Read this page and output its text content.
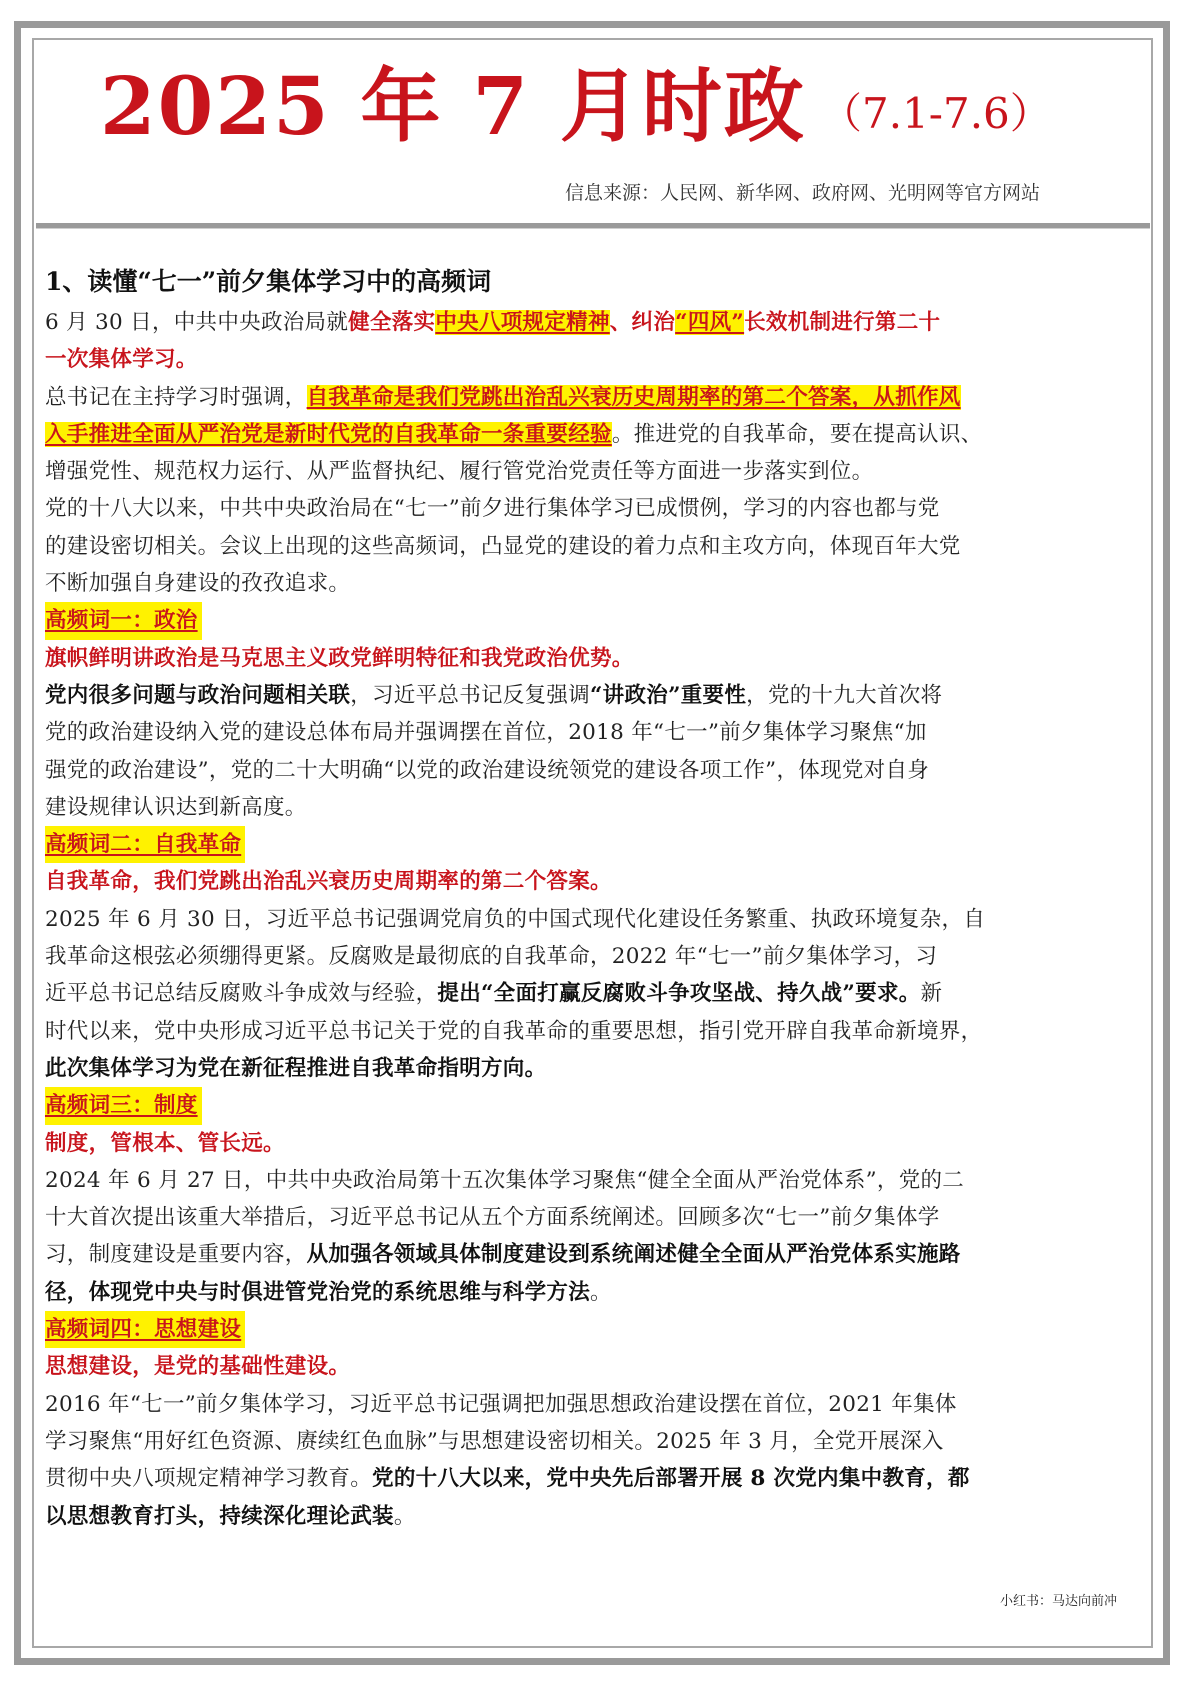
2025 年 7 月时政 （7.1-7.6）
信息来源：人民网、新华网、政府网、光明网等官方网站
1、读懂“七一”前夕集体学习中的高频词
6 月 30 日，中共中央政治局就健全落实中央八项规定精神、纠治“四风”长效机制进行第二十
一次集体学习。
总书记在主持学习时强调，自我革命是我们党跳出治乱兴衰历史周期率的第二个答案，从抓作风
入手推进全面从严治党是新时代党的自我革命一条重要经验。推进党的自我革命，要在提高认识、
增强党性、规范权力运行、从严监督执纪、履行管党治党责任等方面进一步落实到位。
党的十八大以来，中共中央政治局在“七一”前夕进行集体学习已成惯例，学习的内容也都与党
的建设密切相关。会议上出现的这些高频词，凸显党的建设的着力点和主攻方向，体现百年大党
不断加强自身建设的孜孜追求。
高频词一：政治
旗帜鲜明讲政治是马克思主义政党鲜明特征和我党政治优势。
党内很多问题与政治问题相关联，习近平总书记反复强调“讲政治”重要性，党的十九大首次将
党的政治建设纳入党的建设总体布局并强调摆在首位，2018 年“七一”前夕集体学习聚焦“加
强党的政治建设”，党的二十大明确“以党的政治建设统领党的建设各项工作”，体现党对自身
建设规律认识达到新高度。
高频词二：自我革命
自我革命，我们党跳出治乱兴衰历史周期率的第二个答案。
2025 年 6 月 30 日，习近平总书记强调党肩负的中国式现代化建设任务繁重、执政环境复杂，自
我革命这根弦必须绷得更紧。反腐败是最彻底的自我革命，2022 年“七一”前夕集体学习，习
近平总书记总结反腐败斗争成效与经验，提出“全面打赢反腐败斗争攻坚战、持久战”要求。新
时代以来，党中央形成习近平总书记关于党的自我革命的重要思想，指引党开辟自我革命新境界，
此次集体学习为党在新征程推进自我革命指明方向。
高频词三：制度
制度，管根本、管长远。
2024 年 6 月 27 日，中共中央政治局第十五次集体学习聚焦“健全全面从严治党体系”，党的二
十大首次提出该重大举措后，习近平总书记从五个方面系统阐述。回顾多次“七一”前夕集体学
习，制度建设是重要内容，从加强各领域具体制度建设到系统阐述健全全面从严治党体系实施路
径，体现党中央与时俱进管党治党的系统思维与科学方法。
高频词四：思想建设
思想建设，是党的基础性建设。
2016 年“七一”前夕集体学习，习近平总书记强调把加强思想政治建设摆在首位，2021 年集体
学习聚焦“用好红色资源、赓续红色血脉”与思想建设密切相关。2025 年 3 月，全党开展深入
贯彻中央八项规定精神学习教育。党的十八大以来，党中央先后部署开展 8 次党内集中教育，都
以思想教育打头，持续深化理论武装。
小红书：马达向前冲
